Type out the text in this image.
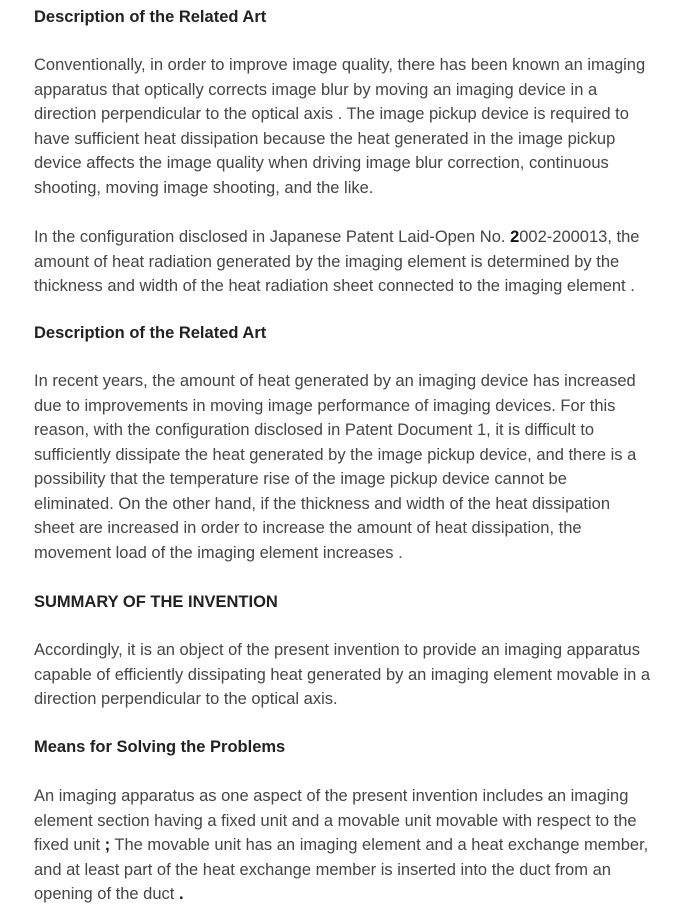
Description of the Related Art

Conventionally, in order to improve image quality, there has been known an imaging
apparatus that optically corrects image blur by moving an imaging device in a
direction perpendicular to the optical axis . The image pickup device is required to
have sufficient heat dissipation because the heat generated in the image pickup
device affects the image quality when driving image blur correction, continuous
shooting, moving image shooting, and the like.

In the configuration disclosed in Japanese Patent Laid-Open No. 2002-200013, the
amount of heat radiation generated by the imaging element is determined by the
thickness and width of the heat radiation sheet connected to the imaging element .

Description of the Related Art

In recent years, the amount of heat generated by an imaging device has increased
due to improvements in moving image performance of imaging devices. For this
reason, with the configuration disclosed in Patent Document 1, it is difficult to
sufficiently dissipate the heat generated by the image pickup device, and there is a
possibility that the temperature rise of the image pickup device cannot be
eliminated. On the other hand, if the thickness and width of the heat dissipation
sheet are increased in order to increase the amount of heat dissipation, the
movement load of the imaging element increases .

SUMMARY OF THE INVENTION

Accordingly, it is an object of the present invention to provide an imaging apparatus
capable of efficiently dissipating heat generated by an imaging element movable in a
direction perpendicular to the optical axis.

Means for Solving the Problems

An imaging apparatus as one aspect of the present invention includes an imaging
element section having a fixed unit and a movable unit movable with respect to the
fixed unit ; The movable unit has an imaging element and a heat exchange member,
and at least part of the heat exchange member is inserted into the duct from an
opening of the duct .
